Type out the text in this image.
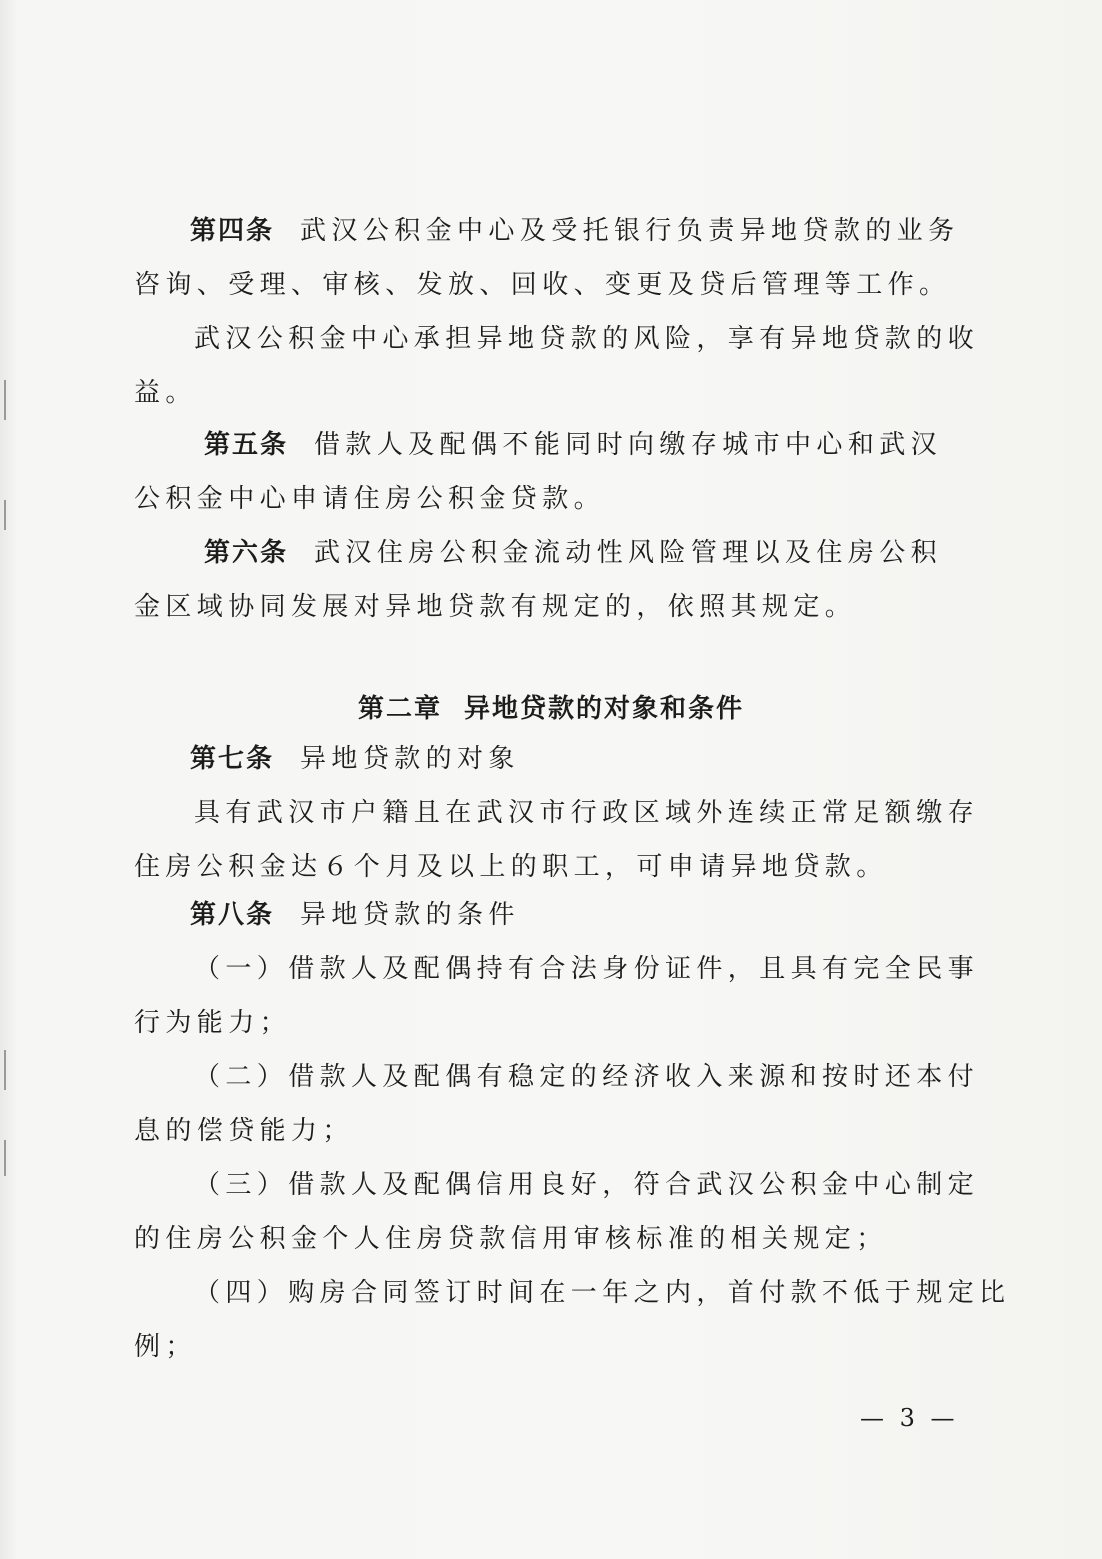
第四条 武汉公积金中心及受托银行负责异地贷款的业务
咨询、受理、审核、发放、回收、变更及贷后管理等工作。
武汉公积金中心承担异地贷款的风险，享有异地贷款的收
益。
第五条 借款人及配偶不能同时向缴存城市中心和武汉
公积金中心申请住房公积金贷款。
第六条 武汉住房公积金流动性风险管理以及住房公积
金区域协同发展对异地贷款有规定的，依照其规定。
第二章 异地贷款的对象和条件
第七条 异地贷款的对象
具有武汉市户籍且在武汉市行政区域外连续正常足额缴存
住房公积金达６个月及以上的职工，可申请异地贷款。
第八条 异地贷款的条件
（一）借款人及配偶持有合法身份证件，且具有完全民事
行为能力；
（二）借款人及配偶有稳定的经济收入来源和按时还本付
息的偿贷能力；
（三）借款人及配偶信用良好，符合武汉公积金中心制定
的住房公积金个人住房贷款信用审核标准的相关规定；
（四）购房合同签订时间在一年之内，首付款不低于规定比
例；
— 3 —
